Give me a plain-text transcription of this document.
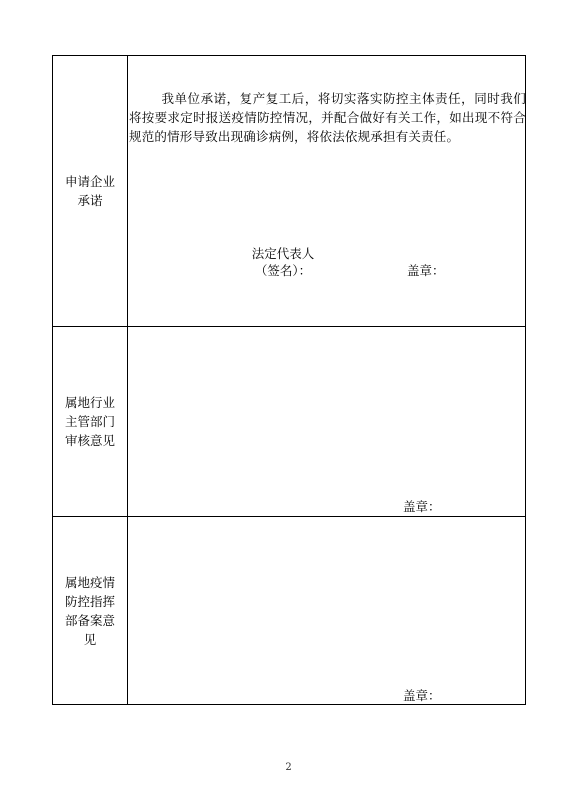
申请企业承诺
我单位承诺，复产复工后，将切实落实防控主体责任，同时我们将按要求定时报送疫情防控情况，并配合做好有关工作，如出现不符合规范的情形导致出现确诊病例，将依法依规承担有关责任。
法定代表人
（签名）：	盖章：
属地行业主管部门审核意见
盖章：
属地疫情防控指挥部备案意见
盖章：
2
